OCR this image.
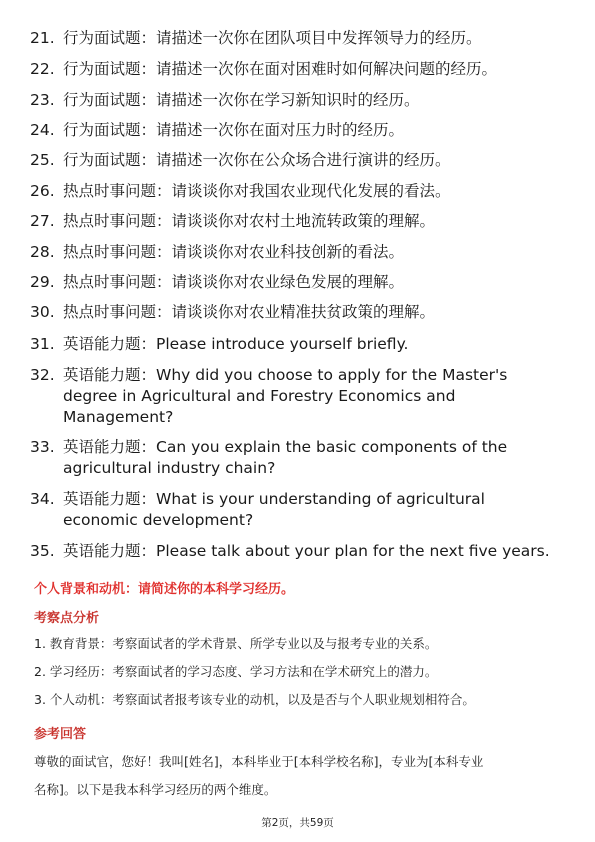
21. 行为面试题：请描述一次你在团队项目中发挥领导力的经历。
22. 行为面试题：请描述一次你在面对困难时如何解决问题的经历。
23. 行为面试题：请描述一次你在学习新知识时的经历。
24. 行为面试题：请描述一次你在面对压力时的经历。
25. 行为面试题：请描述一次你在公众场合进行演讲的经历。
26. 热点时事问题：请谈谈你对我国农业现代化发展的看法。
27. 热点时事问题：请谈谈你对农村土地流转政策的理解。
28. 热点时事问题：请谈谈你对农业科技创新的看法。
29. 热点时事问题：请谈谈你对农业绿色发展的理解。
30. 热点时事问题：请谈谈你对农业精准扶贫政策的理解。
31. 英语能力题：Please introduce yourself briefly.
32. 英语能力题：Why did you choose to apply for the Master's
degree in Agricultural and Forestry Economics and
Management?
33. 英语能力题：Can you explain the basic components of the
agricultural industry chain?
34. 英语能力题：What is your understanding of agricultural
economic development?
35. 英语能力题：Please talk about your plan for the next five years.
个人背景和动机：请简述你的本科学习经历。
考察点分析
1. 教育背景：考察面试者的学术背景、所学专业以及与报考专业的关系。
2. 学习经历：考察面试者的学习态度、学习方法和在学术研究上的潜力。
3. 个人动机：考察面试者报考该专业的动机，以及是否与个人职业规划相符合。
参考回答
尊敬的面试官，您好！我叫[姓名]，本科毕业于[本科学校名称]，专业为[本科专业
名称]。以下是我本科学习经历的两个维度。
第2页，共59页
